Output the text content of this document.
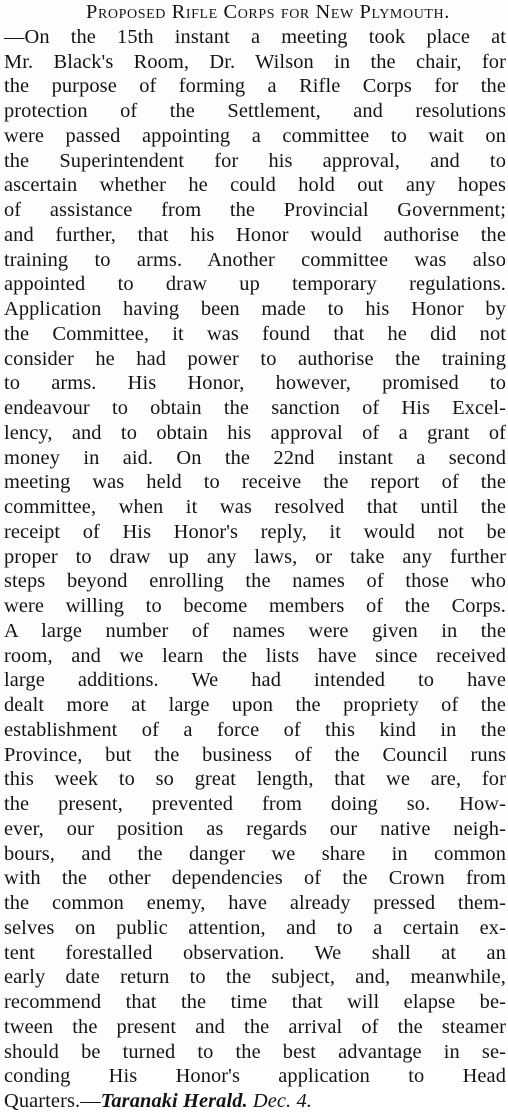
Proposed Rifle Corps for New Plymouth.
—On the 15th instant a meeting took place at
Mr. Black's Room, Dr. Wilson in the chair, for
the purpose of forming a Rifle Corps for the
protection of the Settlement, and resolutions
were passed appointing a committee to wait on
the Superintendent for his approval, and to
ascertain whether he could hold out any hopes
of assistance from the Provincial Government;
and further, that his Honor would authorise the
training to arms. Another committee was also
appointed to draw up temporary regulations.
Application having been made to his Honor by
the Committee, it was found that he did not
consider he had power to authorise the training
to arms. His Honor, however, promised to
endeavour to obtain the sanction of His Excel-
lency, and to obtain his approval of a grant of
money in aid. On the 22nd instant a second
meeting was held to receive the report of the
committee, when it was resolved that until the
receipt of His Honor's reply, it would not be
proper to draw up any laws, or take any further
steps beyond enrolling the names of those who
were willing to become members of the Corps.
A large number of names were given in the
room, and we learn the lists have since received
large additions. We had intended to have
dealt more at large upon the propriety of the
establishment of a force of this kind in the
Province, but the business of the Council runs
this week to so great length, that we are, for
the present, prevented from doing so. How-
ever, our position as regards our native neigh-
bours, and the danger we share in common
with the other dependencies of the Crown from
the common enemy, have already pressed them-
selves on public attention, and to a certain ex-
tent forestalled observation. We shall at an
early date return to the subject, and, meanwhile,
recommend that the time that will elapse be-
tween the present and the arrival of the steamer
should be turned to the best advantage in se-
conding His Honor's application to Head
Quarters.—Taranaki Herald. Dec. 4.
